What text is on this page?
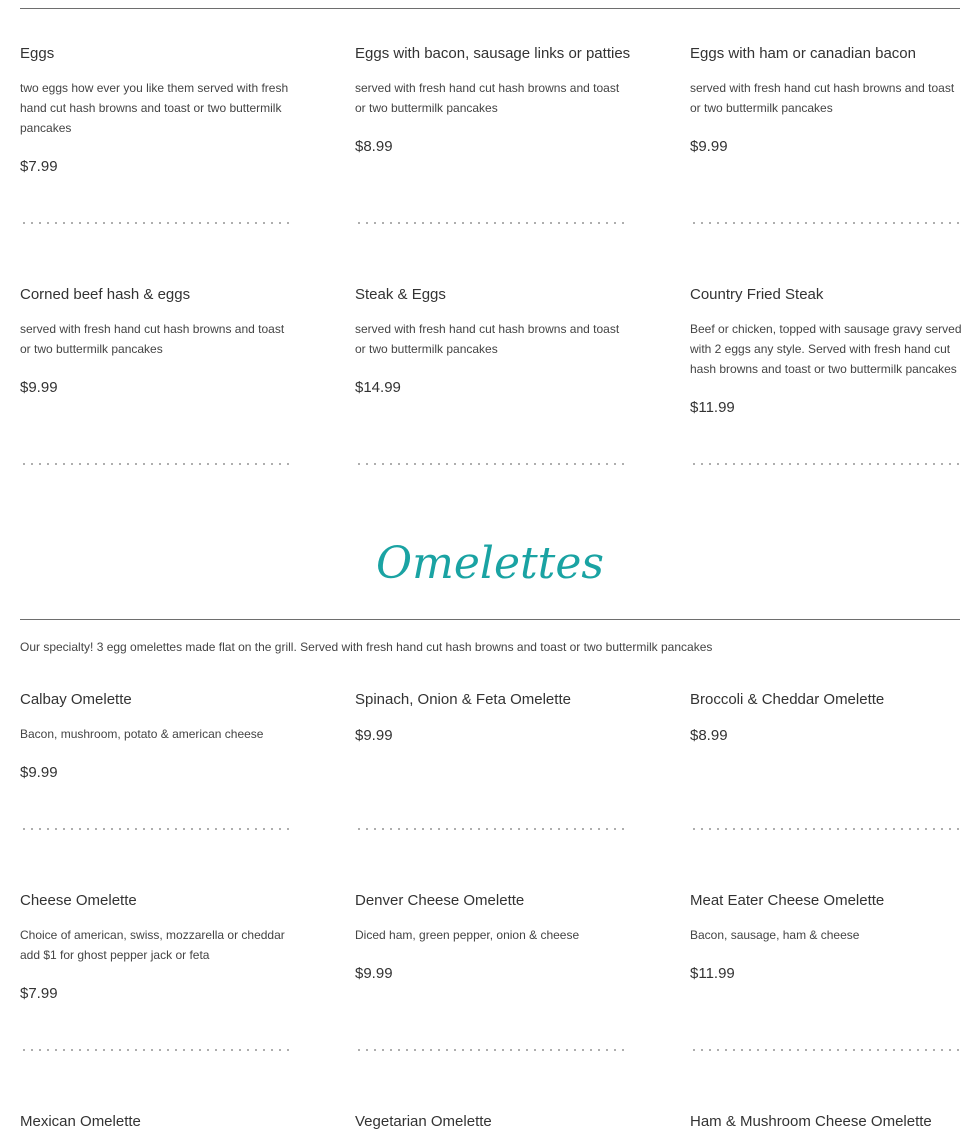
Eggs
two eggs how ever you like them served with fresh hand cut hash browns and toast or two buttermilk pancakes
$7.99
Eggs with bacon, sausage links or patties
served with fresh hand cut hash browns and toast or two buttermilk pancakes
$8.99
Eggs with ham or canadian bacon
served with fresh hand cut hash browns and toast or two buttermilk pancakes
$9.99
Corned beef hash & eggs
served with fresh hand cut hash browns and toast or two buttermilk pancakes
$9.99
Steak & Eggs
served with fresh hand cut hash browns and toast or two buttermilk pancakes
$14.99
Country Fried Steak
Beef or chicken, topped with sausage gravy served with 2 eggs any style. Served with fresh hand cut hash browns and toast or two buttermilk pancakes
$11.99
Omelettes
Our specialty! 3 egg omelettes made flat on the grill. Served with fresh hand cut hash browns and toast or two buttermilk pancakes
Calbay Omelette
Bacon, mushroom, potato & american cheese
$9.99
Spinach, Onion & Feta Omelette
$9.99
Broccoli & Cheddar Omelette
$8.99
Cheese Omelette
Choice of american, swiss, mozzarella or cheddar add $1 for ghost pepper jack or feta
$7.99
Denver Cheese Omelette
Diced ham, green pepper, onion & cheese
$9.99
Meat Eater Cheese Omelette
Bacon, sausage, ham & cheese
$11.99
Mexican Omelette	Vegetarian Omelette	Ham & Mushroom Cheese Omelette
